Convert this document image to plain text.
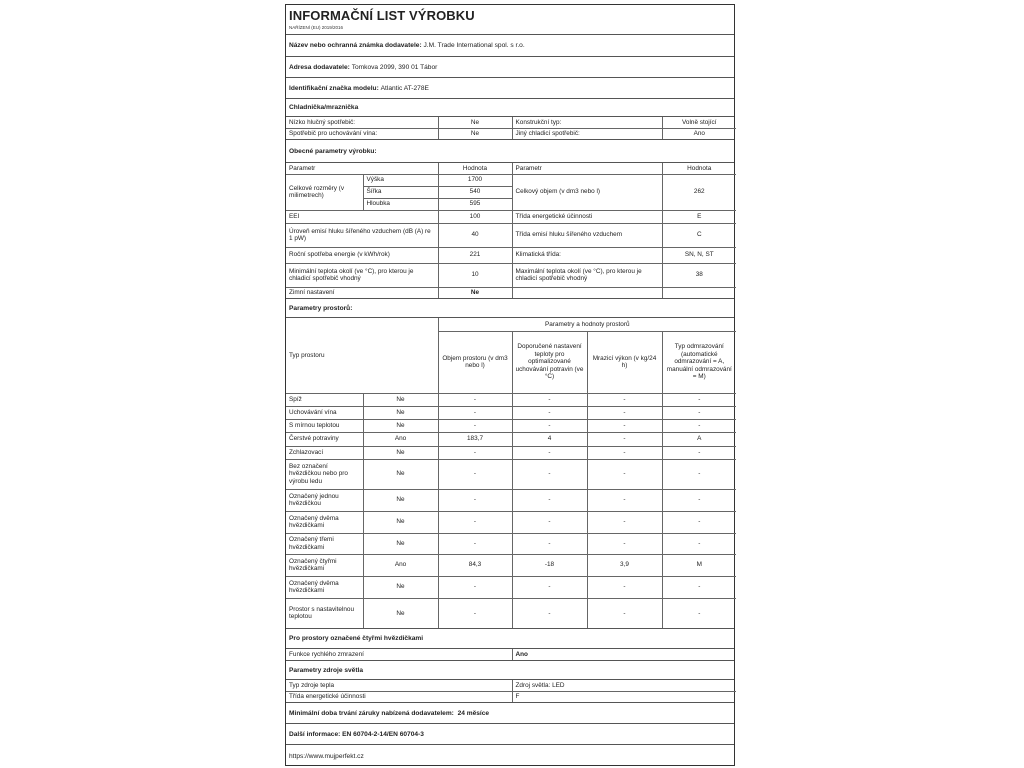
INFORMAČNÍ LIST VÝROBKU
NAŘÍZENÍ (EU) 2019/2016
Název nebo ochranná známka dodavatele:
J.M. Trade International spol. s r.o.
Adresa dodavatele:
Tomkova 2099, 390 01 Tábor
Identifikační značka modelu:
Atlantic AT-278E
Chladnička/mraznička
Nízko hlučný spotřebič:	Ne	Konstrukční typ:	Volně stojící
Spotřebič pro uchovávání vína:	Ne	Jiný chladicí spotřebič:	Ano
Obecné parametry výrobku:
Parametr		Hodnota	Parametr	Hodnota
Celkové rozměry (v milimetrech)	Výška	1700	Celkový objem (v dm3 nebo l)	262
	Šířka	540		
	Hloubka	595		
EEI		100	Třída energetické účinnosti	E
Úroveň emisí hluku šířeného vzduchem (dB (A) re 1 pW)		40	Třída emisí hluku šířeného vzduchem	C
Roční spotřeba energie (v kWh/rok)		221	Klimatická třída:	SN, N, ST
Minimální teplota okolí (ve °C), pro kterou je chladicí spotřebič vhodný		10	Maximální teplota okolí (ve °C), pro kterou je chladicí spotřebič vhodný	38
Zimní nastavení		Ne		
Parametry prostorů:
Typ prostoru		Parametry a hodnoty prostorů			
		Objem prostoru (v dm3 nebo l)	Doporučené nastavení teploty pro optimalizované uchovávání potravin (ve °C)	Mrazicí výkon (v kg/24 h)	Typ odmrazování (automatické odmrazování = A, manuální odmrazování = M)
Spíž	Ne	-	-	-	-
Uchovávání vína	Ne	-	-	-	-
S mírnou teplotou	Ne	-	-	-	-
Čerstvé potraviny	Ano	183,7	4	-	A
Zchlazovací	Ne	-	-	-	-
Bez označení hvězdičkou nebo pro výrobu ledu	Ne	-	-	-	-
Označený jednou hvězdičkou	Ne	-	-	-	-
Označený dvěma hvězdičkami	Ne	-	-	-	-
Označený třemi hvězdičkami	Ne	-	-	-	-
Označený čtyřmi hvězdičkami	Ano	84,3	-18	3,9	M
Označený dvěma hvězdičkami	Ne	-	-	-	-
Prostor s nastavitelnou teplotou	Ne	-	-	-	-
Pro prostory označené čtyřmi hvězdičkami
Funkce rychlého zmrazení	Ano
Parametry zdroje světla
Typ zdroje tepla	Zdroj světla: LED
Třída energetické účinnosti	F
Minimální doba trvání záruky nabízená dodavatelem:
24 měsíce
Další informace:
EN 60704-2-14/EN 60704-3
https://www.mujperfekt.cz
